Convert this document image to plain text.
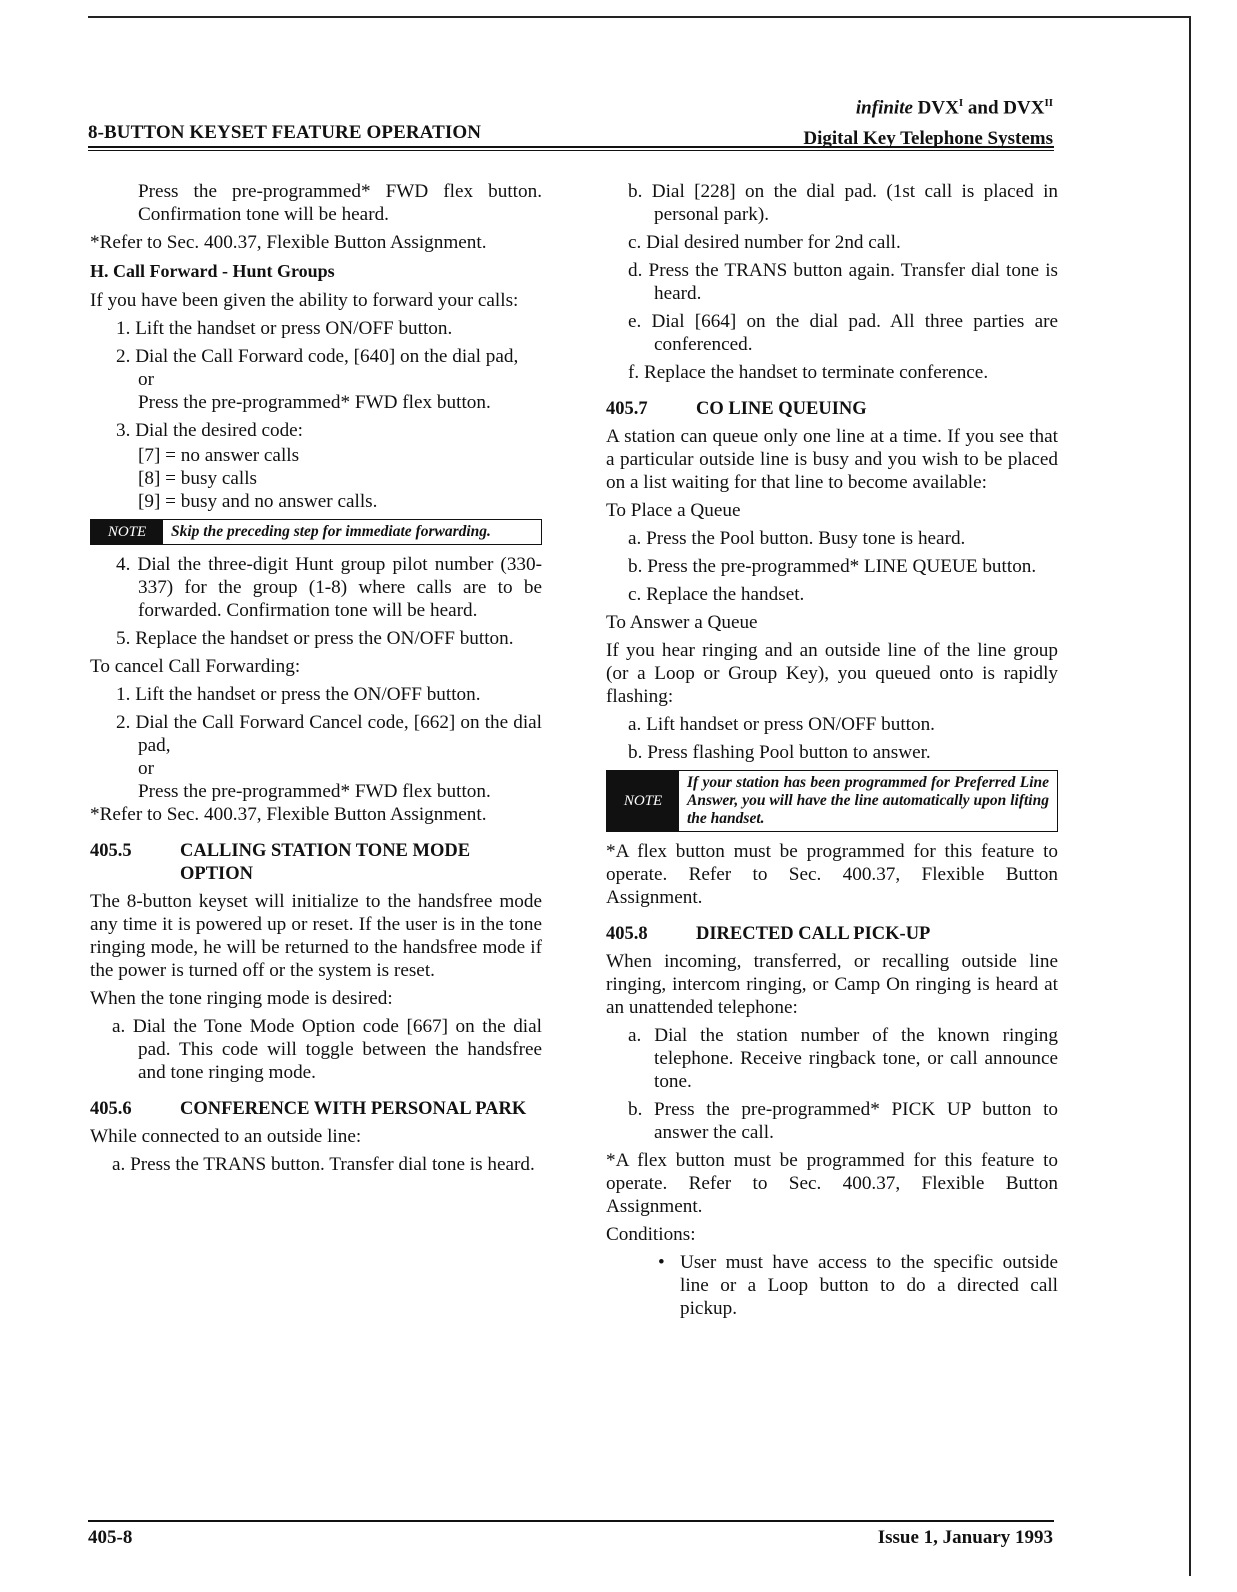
8-BUTTON KEYSET FEATURE OPERATION
infinite $DVX^I$ and $DVX^{II}$
Digital Key Telephone Systems

Press the pre-programmed* FWD flex button. Confirmation tone will be heard.

*Refer to Sec. 400.37, Flexible Button Assignment.

H. Call Forward - Hunt Groups

If you have been given the ability to forward your calls:

1. Lift the handset or press ON/OFF button.

2. Dial the Call Forward code, [640] on the dial pad,

or

Press the pre-programmed* FWD flex button.

3. Dial the desired code:

[7] = no answer calls

[8] = busy calls

[9] = busy and no answer calls.

NOTE	Skip the preceding step for immediate forwarding.

4. Dial the three-digit Hunt group pilot number (330-337) for the group (1-8) where calls are to be forwarded. Confirmation tone will be heard.

5. Replace the handset or press the ON/OFF button.

To cancel Call Forwarding:

1. Lift the handset or press the ON/OFF button.

2. Dial the Call Forward Cancel code, [662] on the dial pad,

or

Press the pre-programmed* FWD flex button.

*Refer to Sec. 400.37, Flexible Button Assignment.

405.5	CALLING STATION TONE MODE OPTION

The 8-button keyset will initialize to the handsfree mode any time it is powered up or reset. If the user is in the tone ringing mode, he will be returned to the handsfree mode if the power is turned off or the system is reset.

When the tone ringing mode is desired:

a. Dial the Tone Mode Option code [667] on the dial pad. This code will toggle between the handsfree and tone ringing mode.

405.6	CONFERENCE WITH PERSONAL PARK

While connected to an outside line:

a. Press the TRANS button. Transfer dial tone is heard.

b. Dial [228] on the dial pad. (1st call is placed in personal park).

c. Dial desired number for 2nd call.

d. Press the TRANS button again. Transfer dial tone is heard.

e. Dial [664] on the dial pad. All three parties are conferenced.

f. Replace the handset to terminate conference.

405.7	CO LINE QUEUING

A station can queue only one line at a time. If you see that a particular outside line is busy and you wish to be placed on a list waiting for that line to become available:

To Place a Queue

a. Press the Pool button. Busy tone is heard.

b. Press the pre-programmed* LINE QUEUE button.

c. Replace the handset.

To Answer a Queue

If you hear ringing and an outside line of the line group (or a Loop or Group Key), you queued onto is rapidly flashing:

a. Lift handset or press ON/OFF button.

b. Press flashing Pool button to answer.

NOTE
If your station has been programmed for Preferred Line Answer, you will have the line automatically upon lifting the handset.

*A flex button must be programmed for this feature to operate. Refer to Sec. 400.37, Flexible Button Assignment.

405.8	DIRECTED CALL PICK-UP

When incoming, transferred, or recalling outside line ringing, intercom ringing, or Camp On ringing is heard at an unattended telephone:

a. Dial the station number of the known ringing telephone. Receive ringback tone, or call announce tone.

b. Press the pre-programmed* PICK UP button to answer the call.

*A flex button must be programmed for this feature to operate. Refer to Sec. 400.37, Flexible Button Assignment.

Conditions:

• User must have access to the specific outside line or a Loop button to do a directed call pickup.
405-8	Issue 1, January 1993
